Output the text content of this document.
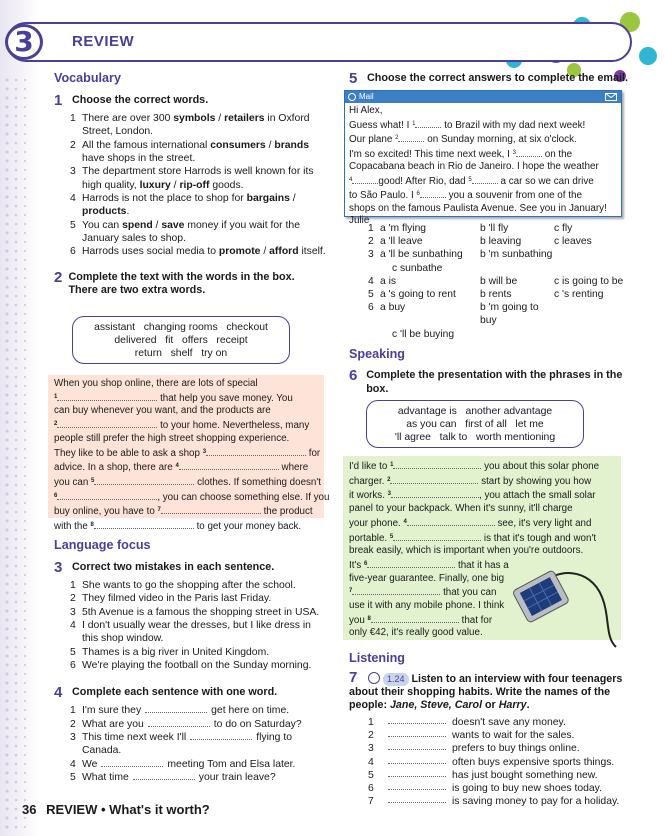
3	REVIEW
Vocabulary
1 Choose the correct words.
1 There are over 300 symbols / retailers in Oxford Street, London.
2 All the famous international consumers / brands have shops in the street.
3 The department store Harrods is well known for its high quality, luxury / rip-off goods.
4 Harrods is not the place to shop for bargains / products.
5 You can spend / save money if you wait for the January sales to shop.
6 Harrods uses social media to promote / afford itself.
2 Complete the text with the words in the box. There are two extra words.
assistant   changing rooms   checkout
delivered   fit   offers   receipt
return   shelf   try on
When you shop online, there are lots of special
$^1$	that help you save money. You
can buy whenever you want, and the products are
$^2$	to your home. Nevertheless, many
people still prefer the high street shopping experience.
They like to be able to ask a shop $^3$	for
advice. In a shop, there are $^4$	where
you can $^5$	clothes. If something doesn't
$^6$	, you can choose something else. If you
buy online, you have to $^7$	the product
with the $^8$	to get your money back.
Language focus
3 Correct two mistakes in each sentence.
1 She wants to go the shopping after the school.
2 They filmed video in the Paris last Friday.
3 5th Avenue is a famous the shopping street in USA.
4 I don't usually wear the dresses, but I like dress in this shop window.
5 Thames is a big river in United Kingdom.
6 We're playing the football on the Sunday morning.
4 Complete each sentence with one word.
1 I'm sure they	get here on time.
2 What are you	to do on Saturday?
3 This time next week I'll	flying to Canada.
4 We	meeting Tom and Elsa later.
5 What time	your train leave?
5 Choose the correct answers to complete the email.
Mail
Hi Alex,
Guess what! I $^1$	to Brazil with my dad next week!
Our plane $^2$	on Sunday morning, at six o'clock.
I'm so excited! This time next week, I $^3$	on the
Copacabana beach in Rio de Janeiro. I hope the weather
$^4$	good! After Rio, dad $^5$	a car so we can drive
to São Paulo. I $^6$	you a souvenir from one of the
shops on the famous Paulista Avenue. See you in January!
Julie
1 a 'm flying	b 'll fly	c fly
2 a 'll leave	b leaving	c leaves
3 a 'll be sunbathing	b 'm sunbathing
c sunbathe
4 a is	b will be	c is going to be
5 a 's going to rent	b rents	c 's renting
6 a buy	b 'm going to buy
c 'll be buying
Speaking
6 Complete the presentation with the phrases in the box.
advantage is   another advantage
as you can   first of all   let me
'll agree   talk to   worth mentioning
I'd like to $^1$	you about this solar phone
charger. $^2$	start by showing you how
it works. $^3$	, you attach the small solar
panel to your backpack. When it's sunny, it'll charge
your phone. $^4$	see, it's very light and
portable. $^5$	is that it's tough and won't
break easily, which is important when you're outdoors.
It's $^6$	that it has a
five-year guarantee. Finally, one big
$^7$	that you can
use it with any mobile phone. I think
you $^8$	that for
only €42, it's really good value.
Listening
7	1.24 Listen to an interview with four teenagers about their shopping habits. Write the names of the people: Jane, Steve, Carol or Harry.
1	doesn't save any money.
2	wants to wait for the sales.
3	prefers to buy things online.
4	often buys expensive sports things.
5	has just bought something new.
6	is going to buy new shoes today.
7	is saving money to pay for a holiday.
36 REVIEW • What's it worth?
